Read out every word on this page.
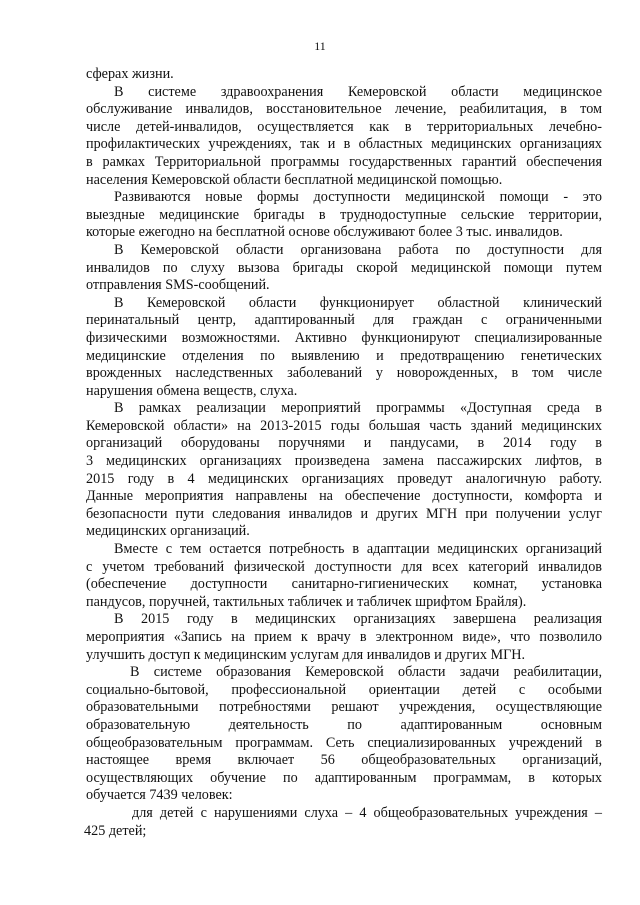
11
сферах жизни.
В системе здравоохранения Кемеровской области медицинское
обслуживание инвалидов, восстановительное лечение, реабилитация, в том
числе детей-инвалидов, осуществляется как в территориальных лечебно-
профилактических учреждениях, так и в областных медицинских организациях
в рамках Территориальной программы государственных гарантий обеспечения
населения Кемеровской области бесплатной медицинской помощью.
Развиваются новые формы доступности медицинской помощи - это
выездные медицинские бригады в труднодоступные сельские территории,
которые ежегодно на бесплатной основе обслуживают более 3 тыс. инвалидов.
В Кемеровской области организована работа по доступности для
инвалидов по слуху вызова бригады скорой медицинской помощи путем
отправления SMS-сообщений.
В Кемеровской области функционирует областной клинический
перинатальный центр, адаптированный для граждан с ограниченными
физическими возможностями. Активно функционируют специализированные
медицинские отделения по выявлению и предотвращению генетических
врожденных наследственных заболеваний у новорожденных, в том числе
нарушения обмена веществ, слуха.
В рамках реализации мероприятий программы «Доступная среда в
Кемеровской области» на 2013-2015 годы большая часть зданий медицинских
организаций оборудованы поручнями и пандусами, в 2014 году в
3 медицинских организациях произведена замена пассажирских лифтов, в
2015 году в 4 медицинских организациях проведут аналогичную работу.
Данные мероприятия направлены на обеспечение доступности, комфорта и
безопасности пути следования инвалидов и других МГН при получении услуг
медицинских организаций.
Вместе с тем остается потребность в адаптации медицинских организаций
с учетом требований физической доступности для всех категорий инвалидов
(обеспечение доступности санитарно-гигиенических комнат, установка
пандусов, поручней, тактильных табличек и табличек шрифтом Брайля).
В 2015 году в медицинских организациях завершена реализация
мероприятия «Запись на прием к врачу в электронном виде», что позволило
улучшить доступ к медицинским услугам для инвалидов и других МГН.
В системе образования Кемеровской области задачи реабилитации,
социально-бытовой, профессиональной ориентации детей с особыми
образовательными потребностями решают учреждения, осуществляющие
образовательную деятельность по адаптированным основным
общеобразовательным программам. Сеть специализированных учреждений в
настоящее время включает 56 общеобразовательных организаций,
осуществляющих обучение по адаптированным программам, в которых
обучается 7439 человек:
для детей с нарушениями слуха – 4 общеобразовательных учреждения –
425 детей;
